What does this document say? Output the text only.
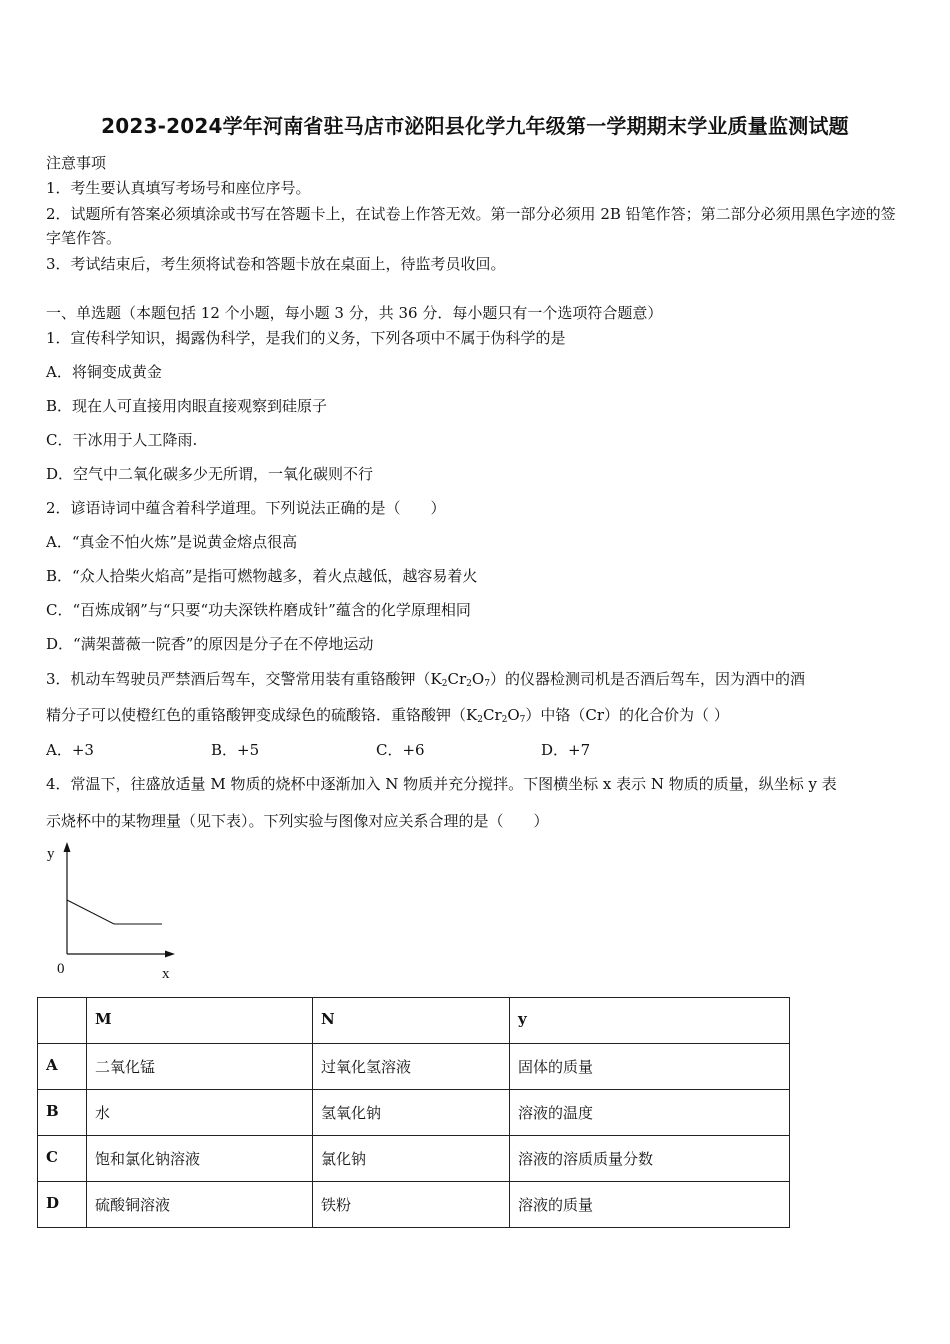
2023-2024学年河南省驻马店市泌阳县化学九年级第一学期期末学业质量监测试题
注意事项
1．考生要认真填写考场号和座位序号。
2．试题所有答案必须填涂或书写在答题卡上，在试卷上作答无效。第一部分必须用 2B 铅笔作答；第二部分必须用黑色字迹的签字笔作答。
3．考试结束后，考生须将试卷和答题卡放在桌面上，待监考员收回。
一、单选题（本题包括 12 个小题，每小题 3 分，共 36 分．每小题只有一个选项符合题意）
1．宣传科学知识，揭露伪科学，是我们的义务，下列各项中不属于伪科学的是
A．将铜变成黄金
B．现在人可直接用肉眼直接观察到硅原子
C．干冰用于人工降雨.
D．空气中二氧化碳多少无所谓，一氧化碳则不行
2．谚语诗词中蕴含着科学道理。下列说法正确的是（　　）
A．“真金不怕火炼”是说黄金熔点很高
B．“众人拾柴火焰高”是指可燃物越多，着火点越低，越容易着火
C．“百炼成钢”与“只要“功夫深铁杵磨成针”蕴含的化学原理相同
D．“满架蔷薇一院香”的原因是分子在不停地运动
3．机动车驾驶员严禁酒后驾车，交警常用装有重铬酸钾$(K_2Cr_2O_7)$的仪器检测司机是否酒后驾车，因为酒中的酒
精分子可以使橙红色的重铬酸钾变成绿色的硫酸铬．重铬酸钾$(K_2Cr_2O_7)$中铬（Cr）的化合价为（ ）
A．+3	B．+5	C．+6	D．+7
4．常温下，往盛放适量 M 物质的烧杯中逐渐加入 N 物质并充分搅拌。下图横坐标 x 表示 N 物质的质量，纵坐标 y 表
示烧杯中的某物理量（见下表）。下列实验与图像对应关系合理的是（　　）
y
0	x
	M	N	y
A	二氧化锰	过氧化氢溶液	固体的质量
B	水	氢氧化钠	溶液的温度
C	饱和氯化钠溶液	氯化钠	溶液的溶质质量分数
D	硫酸铜溶液	铁粉	溶液的质量
